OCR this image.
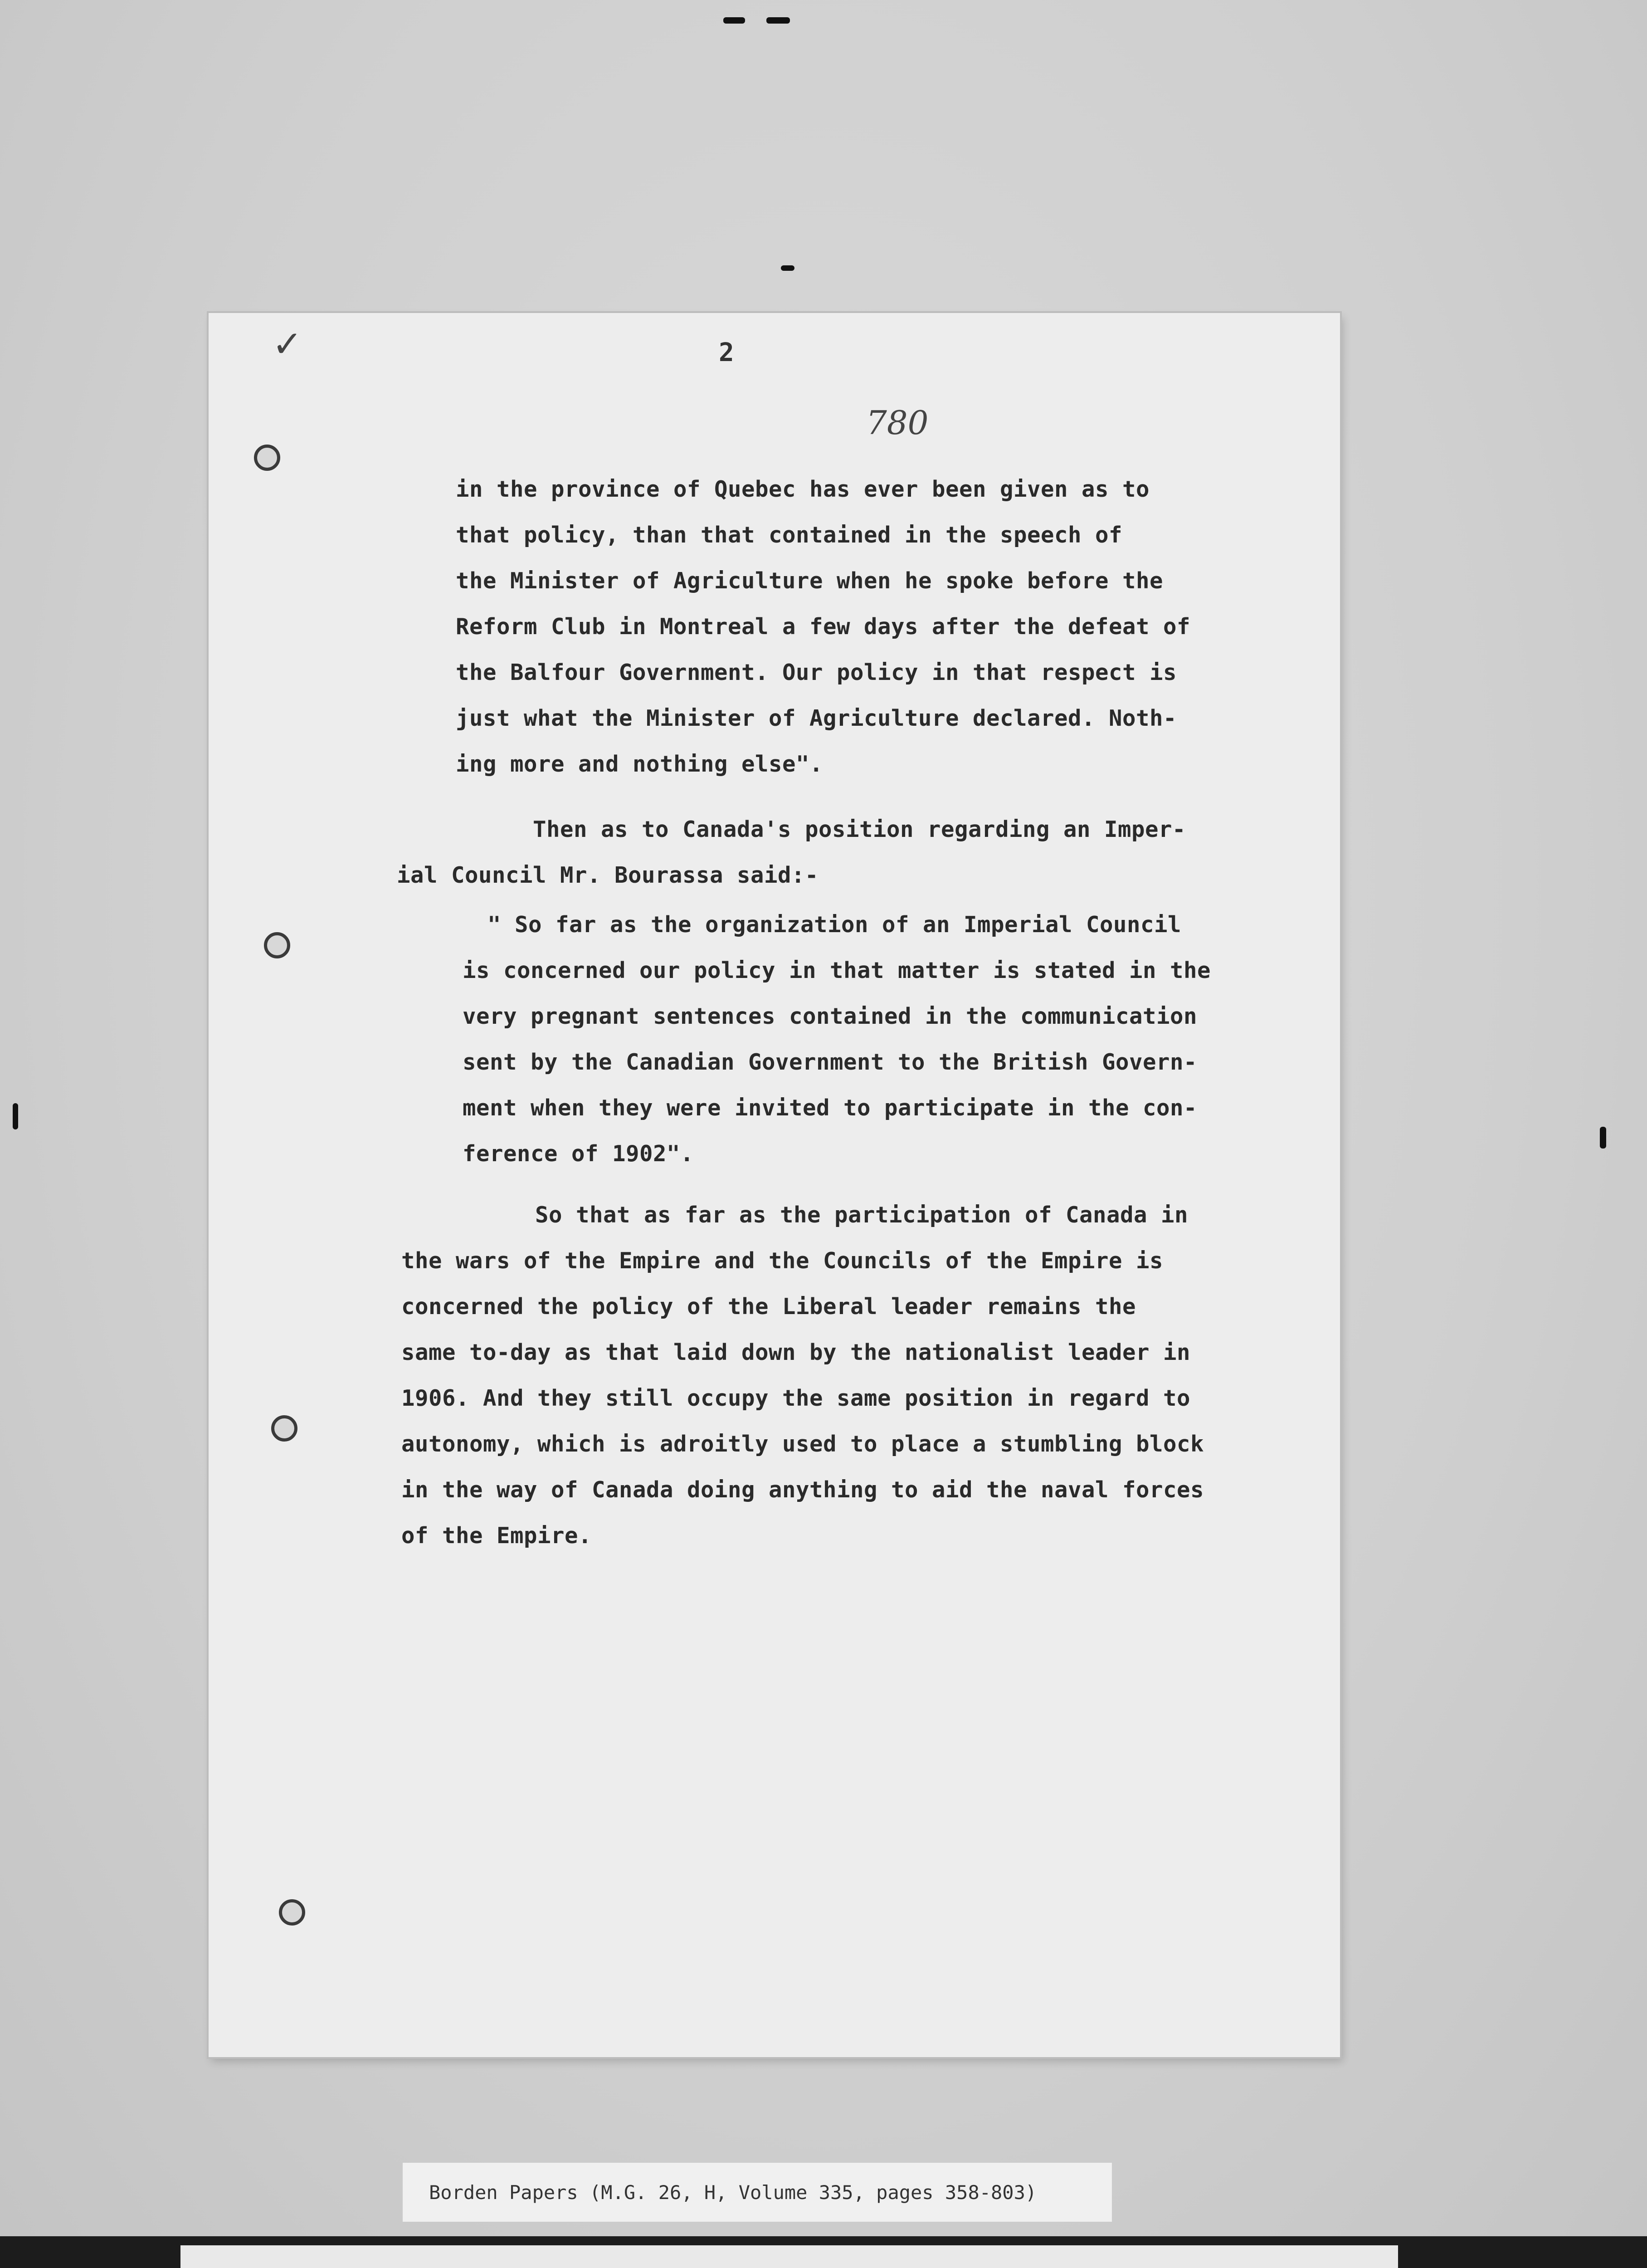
✓	2
780

in the province of Quebec has ever been given as to

that policy, than that contained in the speech of

the Minister of Agriculture when he spoke before the

Reform Club in Montreal a few days after the defeat of

the Balfour Government. Our policy in that respect is

just what the Minister of Agriculture declared. Noth-

ing more and nothing else".

Then as to Canada's position regarding an Imper-

ial Council Mr. Bourassa said:-

" So far as the organization of an Imperial Council

is concerned our policy in that matter is stated in the

very pregnant sentences contained in the communication

sent by the Canadian Government to the British Govern-

ment when they were invited to participate in the con-

ference of 1902".

So that as far as the participation of Canada in

the wars of the Empire and the Councils of the Empire is

concerned the policy of the Liberal leader remains the

same to-day as that laid down by the nationalist leader in

1906. And they still occupy the same position in regard to

autonomy, which is adroitly used to place a stumbling block

in the way of Canada doing anything to aid the naval forces

of the Empire.

Borden Papers (M.G. 26, H, Volume 335, pages 358-803)
